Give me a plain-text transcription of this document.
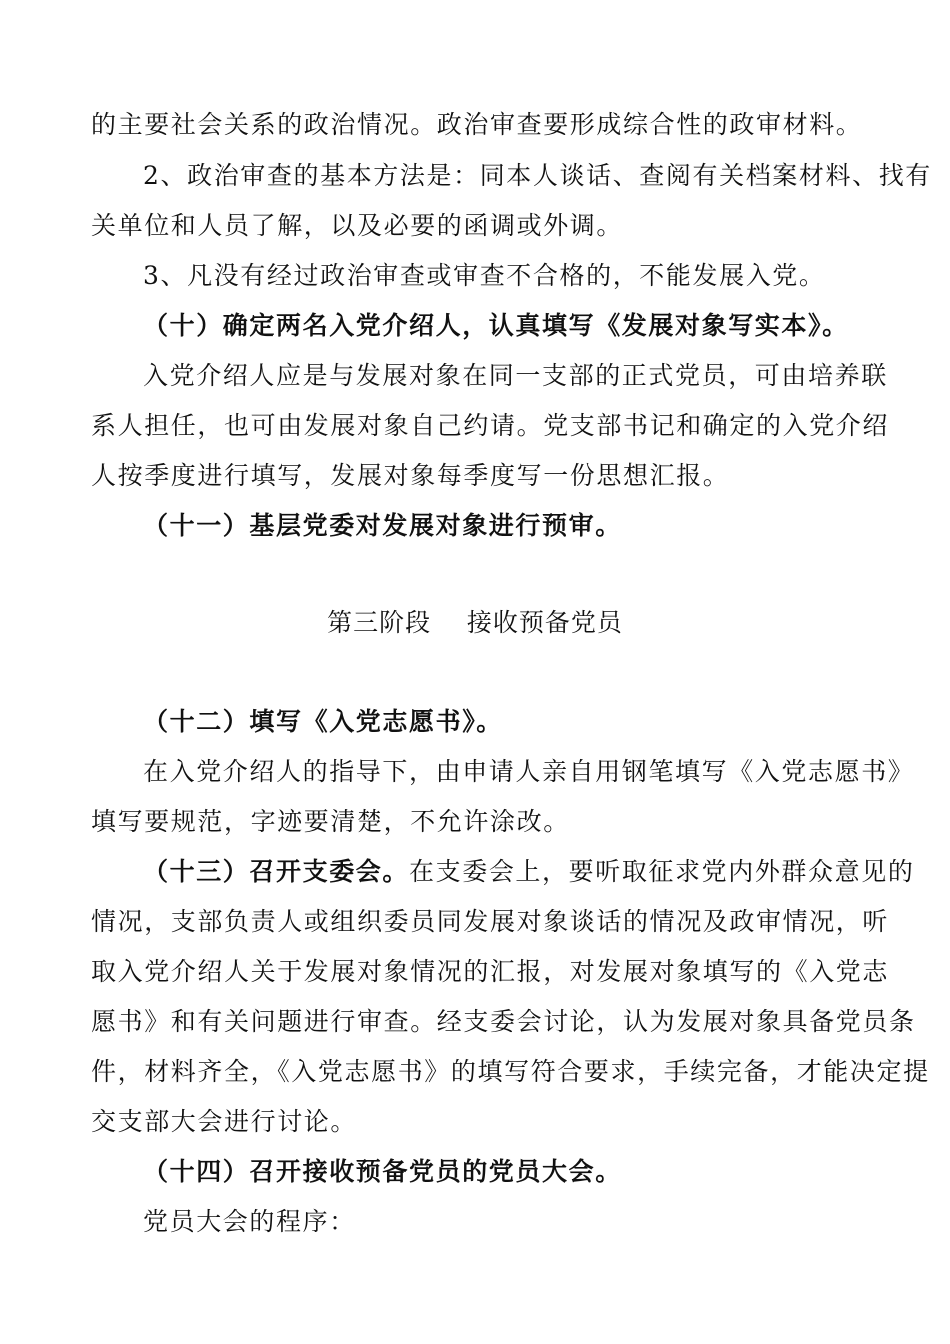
的主要社会关系的政治情况。政治审查要形成综合性的政审材料。
2、政治审查的基本方法是：同本人谈话、查阅有关档案材料、找有
关单位和人员了解，以及必要的函调或外调。
3、凡没有经过政治审查或审查不合格的，不能发展入党。
（十）确定两名入党介绍人，认真填写《发展对象写实本》。
入党介绍人应是与发展对象在同一支部的正式党员，可由培养联
系人担任，也可由发展对象自己约请。党支部书记和确定的入党介绍
人按季度进行填写，发展对象每季度写一份思想汇报。
（十一）基层党委对发展对象进行预审。
第三阶段    接收预备党员
（十二）填写《入党志愿书》。
在入党介绍人的指导下，由申请人亲自用钢笔填写《入党志愿书》
填写要规范，字迹要清楚，不允许涂改。
（十三）召开支委会。在支委会上，要听取征求党内外群众意见的
情况，支部负责人或组织委员同发展对象谈话的情况及政审情况，听
取入党介绍人关于发展对象情况的汇报，对发展对象填写的《入党志
愿书》和有关问题进行审查。经支委会讨论，认为发展对象具备党员条
件，材料齐全，《入党志愿书》的填写符合要求，手续完备，才能决定提
交支部大会进行讨论。
（十四）召开接收预备党员的党员大会。
党员大会的程序：
